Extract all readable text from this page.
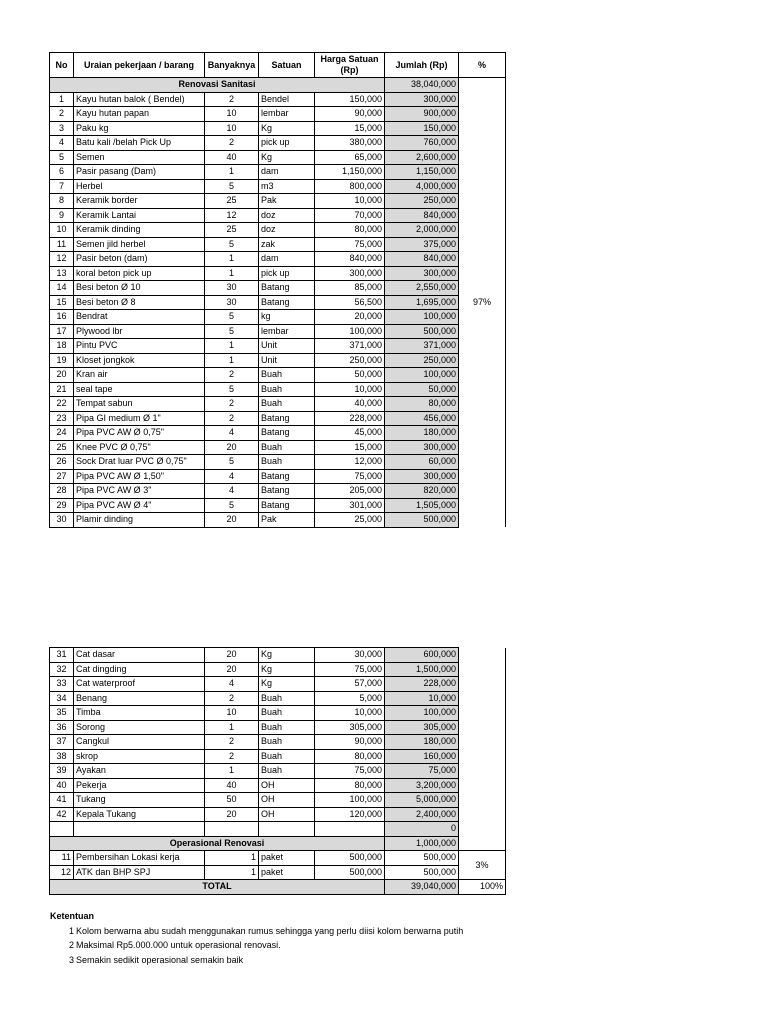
No	Uraian pekerjaan / barang	Banyaknya	Satuan	Harga Satuan (Rp)	Jumlah (Rp)	%
Renovasi Sanitasi					38,040,000	97%
1	Kayu hutan balok ( Bendel)	2	Bendel	150,000	300,000	
2	Kayu hutan papan	10	lembar	90,000	900,000	
3	Paku kg	10	Kg	15,000	150,000	
4	Batu kali /belah Pick Up	2	pick up	380,000	760,000	
5	Semen	40	Kg	65,000	2,600,000	
6	Pasir pasang (Dam)	1	dam	1,150,000	1,150,000	
7	Herbel	5	m3	800,000	4,000,000	
8	Keramik border	25	Pak	10,000	250,000	
9	Keramik Lantai	12	doz	70,000	840,000	
10	Keramik dinding	25	doz	80,000	2,000,000	
11	Semen jild herbel	5	zak	75,000	375,000	
12	Pasir beton (dam)	1	dam	840,000	840,000	
13	koral beton pick up	1	pick up	300,000	300,000	
14	Besi beton Ø 10	30	Batang	85,000	2,550,000	
15	Besi beton Ø 8	30	Batang	56,500	1,695,000	
16	Bendrat	5	kg	20,000	100,000	
17	Plywood lbr	5	lembar	100,000	500,000	
18	Pintu PVC	1	Unit	371,000	371,000	
19	Kloset jongkok	1	Unit	250,000	250,000	
20	Kran air	2	Buah	50,000	100,000	
21	seal tape	5	Buah	10,000	50,000	
22	Tempat sabun	2	Buah	40,000	80,000	
23	Pipa GI medium Ø 1"	2	Batang	228,000	456,000	
24	Pipa PVC AW Ø 0,75"	4	Batang	45,000	180,000	
25	Knee PVC Ø 0,75"	20	Buah	15,000	300,000	
26	Sock Drat luar PVC Ø 0,75"	5	Buah	12,000	60,000	
27	Pipa PVC AW Ø 1,50"	4	Batang	75,000	300,000	
28	Pipa PVC AW Ø 3"	4	Batang	205,000	820,000	
29	Pipa PVC AW Ø 4"	5	Batang	301,000	1,505,000	
30	Plamir dinding	20	Pak	25,000	500,000	
31	Cat dasar	20	Kg	30,000	600,000	
32	Cat dingding	20	Kg	75,000	1,500,000	
33	Cat waterproof	4	Kg	57,000	228,000	
34	Benang	2	Buah	5,000	10,000	
35	Timba	10	Buah	10,000	100,000	
36	Sorong	1	Buah	305,000	305,000	
37	Cangkul	2	Buah	90,000	180,000	
38	skrop	2	Buah	80,000	160,000	
39	Ayakan	1	Buah	75,000	75,000	
40	Pekerja	40	OH	80,000	3,200,000	
41	Tukang	50	OH	100,000	5,000,000	
42	Kepala Tukang	20	OH	120,000	2,400,000	
					0	
Operasional Renovasi					1,000,000	
11	Pembersihan Lokasi kerja	1	paket	500,000	500,000	3%
12	ATK dan BHP SPJ	1	paket	500,000	500,000	
TOTAL					39,040,000	100%
Ketentuan
1 Kolom berwarna abu sudah menggunakan rumus sehingga yang perlu diisi kolom berwarna putih
2 Maksimal Rp5.000.000 untuk operasional renovasi.
3 Semakin sedikit operasional semakin baik
